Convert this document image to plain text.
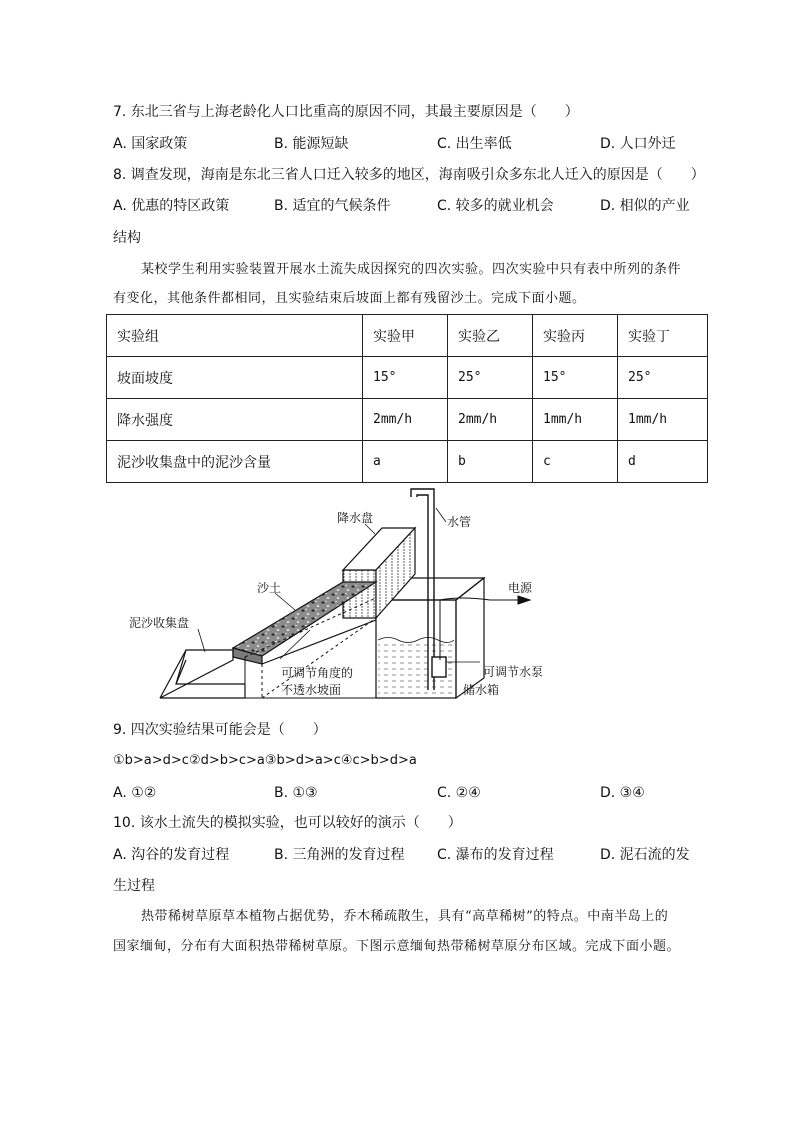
7. 东北三省与上海老龄化人口比重高的原因不同，其最主要原因是（　　）
A. 国家政策	B. 能源短缺	C. 出生率低	D. 人口外迁
8. 调查发现，海南是东北三省人口迁入较多的地区，海南吸引众多东北人迁入的原因是（　　）
A. 优惠的特区政策	B. 适宜的气候条件	C. 较多的就业机会	D. 相似的产业
结构
某校学生利用实验装置开展水土流失成因探究的四次实验。四次实验中只有表中所列的条件
有变化，其他条件都相同，且实验结束后坡面上都有残留沙土。完成下面小题。
实验组	实验甲	实验乙	实验丙	实验丁
坡面坡度	15°	25°	15°	25°
降水强度	2mm/h	2mm/h	1mm/h	1mm/h
泥沙收集盘中的泥沙含量	a	b	c	d
降水盘	水管
电源
沙土
泥沙收集盘
可调节角度的
不透水坡面
可调节水泵
储水箱
9. 四次实验结果可能会是（　　）
①b>a>d>c②d>b>c>a③b>d>a>c④c>b>d>a
A. ①②	B. ①③	C. ②④	D. ③④
10. 该水土流失的模拟实验，也可以较好的演示（　　）
A. 沟谷的发育过程	B. 三角洲的发育过程 C. 瀑布的发育过程	D. 泥石流的发
生过程
热带稀树草原草本植物占据优势，乔木稀疏散生，具有“高草稀树”的特点。中南半岛上的
国家缅甸，分布有大面积热带稀树草原。下图示意缅甸热带稀树草原分布区域。完成下面小题。
